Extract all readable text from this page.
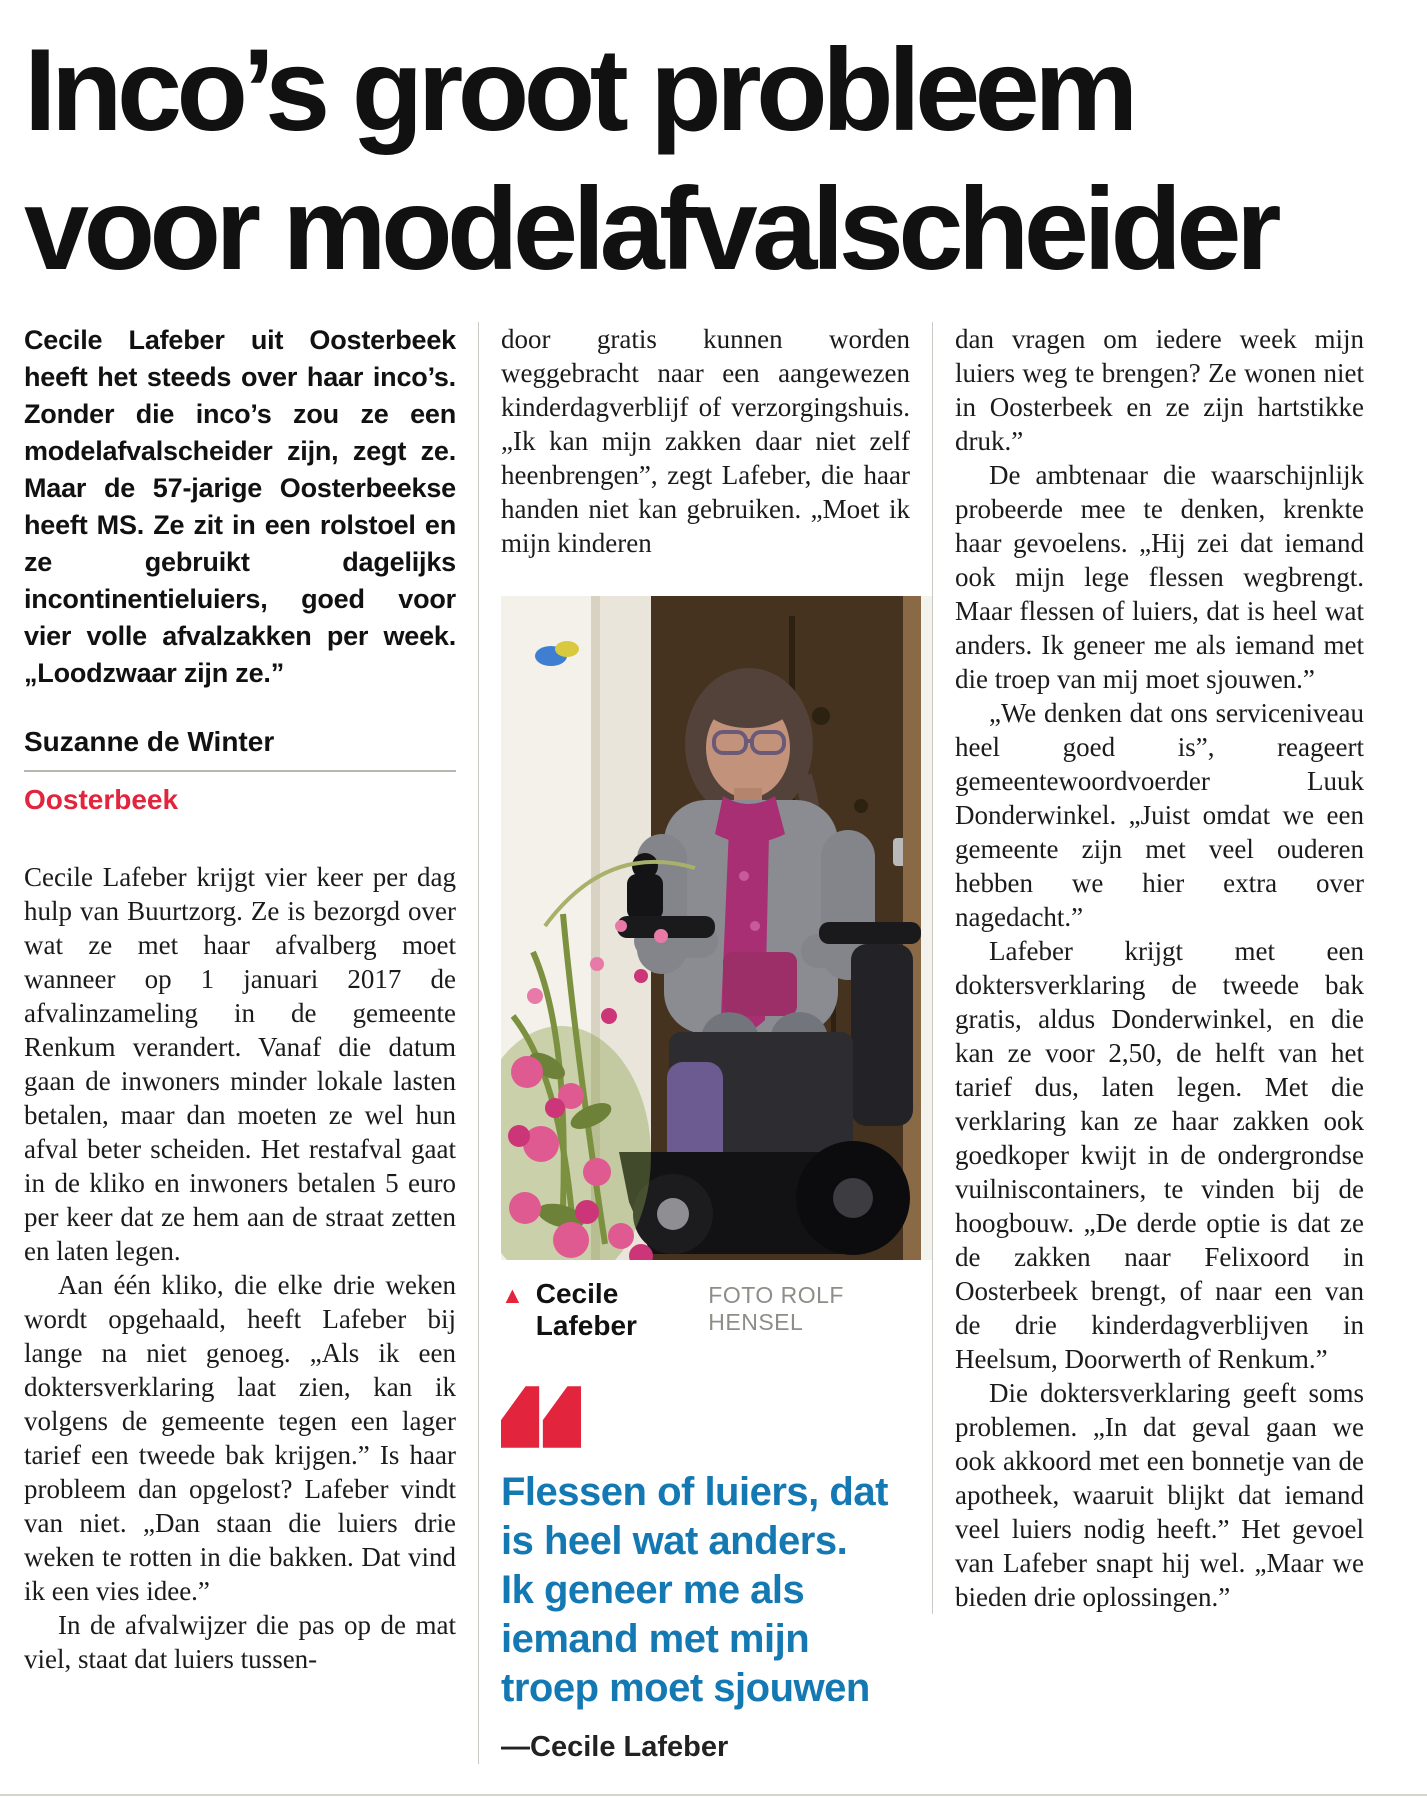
Inco’s groot probleem
voor modelafvalscheider

Cecile Lafeber uit Oosterbeek heeft het steeds over haar inco’s. Zonder die inco’s zou ze een modelafvalscheider zijn, zegt ze. Maar de 57-jarige Oosterbeekse heeft MS. Ze zit in een rolstoel en ze gebruikt dagelijks incontinentieluiers, goed voor vier volle afvalzakken per week. „Loodzwaar zijn ze.”

Suzanne de Winter
Oosterbeek

Cecile Lafeber krijgt vier keer per dag hulp van Buurtzorg. Ze is bezorgd over wat ze met haar afvalberg moet wanneer op 1 januari 2017 de afvalinzameling in de gemeente Renkum verandert. Vanaf die datum gaan de inwoners minder lokale lasten betalen, maar dan moeten ze wel hun afval beter scheiden. Het restafval gaat in de kliko en inwoners betalen 5 euro per keer dat ze hem aan de straat zetten en laten legen.

Aan één kliko, die elke drie weken wordt opgehaald, heeft Lafeber bij lange na niet genoeg. „Als ik een doktersverklaring laat zien, kan ik volgens de gemeente tegen een lager tarief een tweede bak krijgen.” Is haar probleem dan opgelost? Lafeber vindt van niet. „Dan staan die luiers drie weken te rotten in die bakken. Dat vind ik een vies idee.”

In de afvalwijzer die pas op de mat viel, staat dat luiers tussen-

door gratis kunnen worden weggebracht naar een aangewezen kinderdagverblijf of verzorgingshuis. „Ik kan mijn zakken daar niet zelf heenbrengen”, zegt Lafeber, die haar handen niet kan gebruiken. „Moet ik mijn kinderen

▲ Cecile Lafeber
FOTO ROLF HENSEL
Flessen of luiers, dat
is heel wat anders.
Ik geneer me als
iemand met mijn
troep moet sjouwen
—Cecile Lafeber

dan vragen om iedere week mijn luiers weg te brengen? Ze wonen niet in Oosterbeek en ze zijn hartstikke druk.”

De ambtenaar die waarschijnlijk probeerde mee te denken, krenkte haar gevoelens. „Hij zei dat iemand ook mijn lege flessen wegbrengt. Maar flessen of luiers, dat is heel wat anders. Ik geneer me als iemand met die troep van mij moet sjouwen.”

„We denken dat ons serviceniveau heel goed is”, reageert gemeentewoordvoerder Luuk Donderwinkel. „Juist omdat we een gemeente zijn met veel ouderen hebben we hier extra over nagedacht.”

Lafeber krijgt met een doktersverklaring de tweede bak gratis, aldus Donderwinkel, en die kan ze voor 2,50, de helft van het tarief dus, laten legen. Met die verklaring kan ze haar zakken ook goedkoper kwijt in de ondergrondse vuilniscontainers, te vinden bij de hoogbouw. „De derde optie is dat ze de zakken naar Felixoord in Oosterbeek brengt, of naar een van de drie kinderdagverblijven in Heelsum, Doorwerth of Renkum.”

Die doktersverklaring geeft soms problemen. „In dat geval gaan we ook akkoord met een bonnetje van de apotheek, waaruit blijkt dat iemand veel luiers nodig heeft.” Het gevoel van Lafeber snapt hij wel. „Maar we bieden drie oplossingen.”
